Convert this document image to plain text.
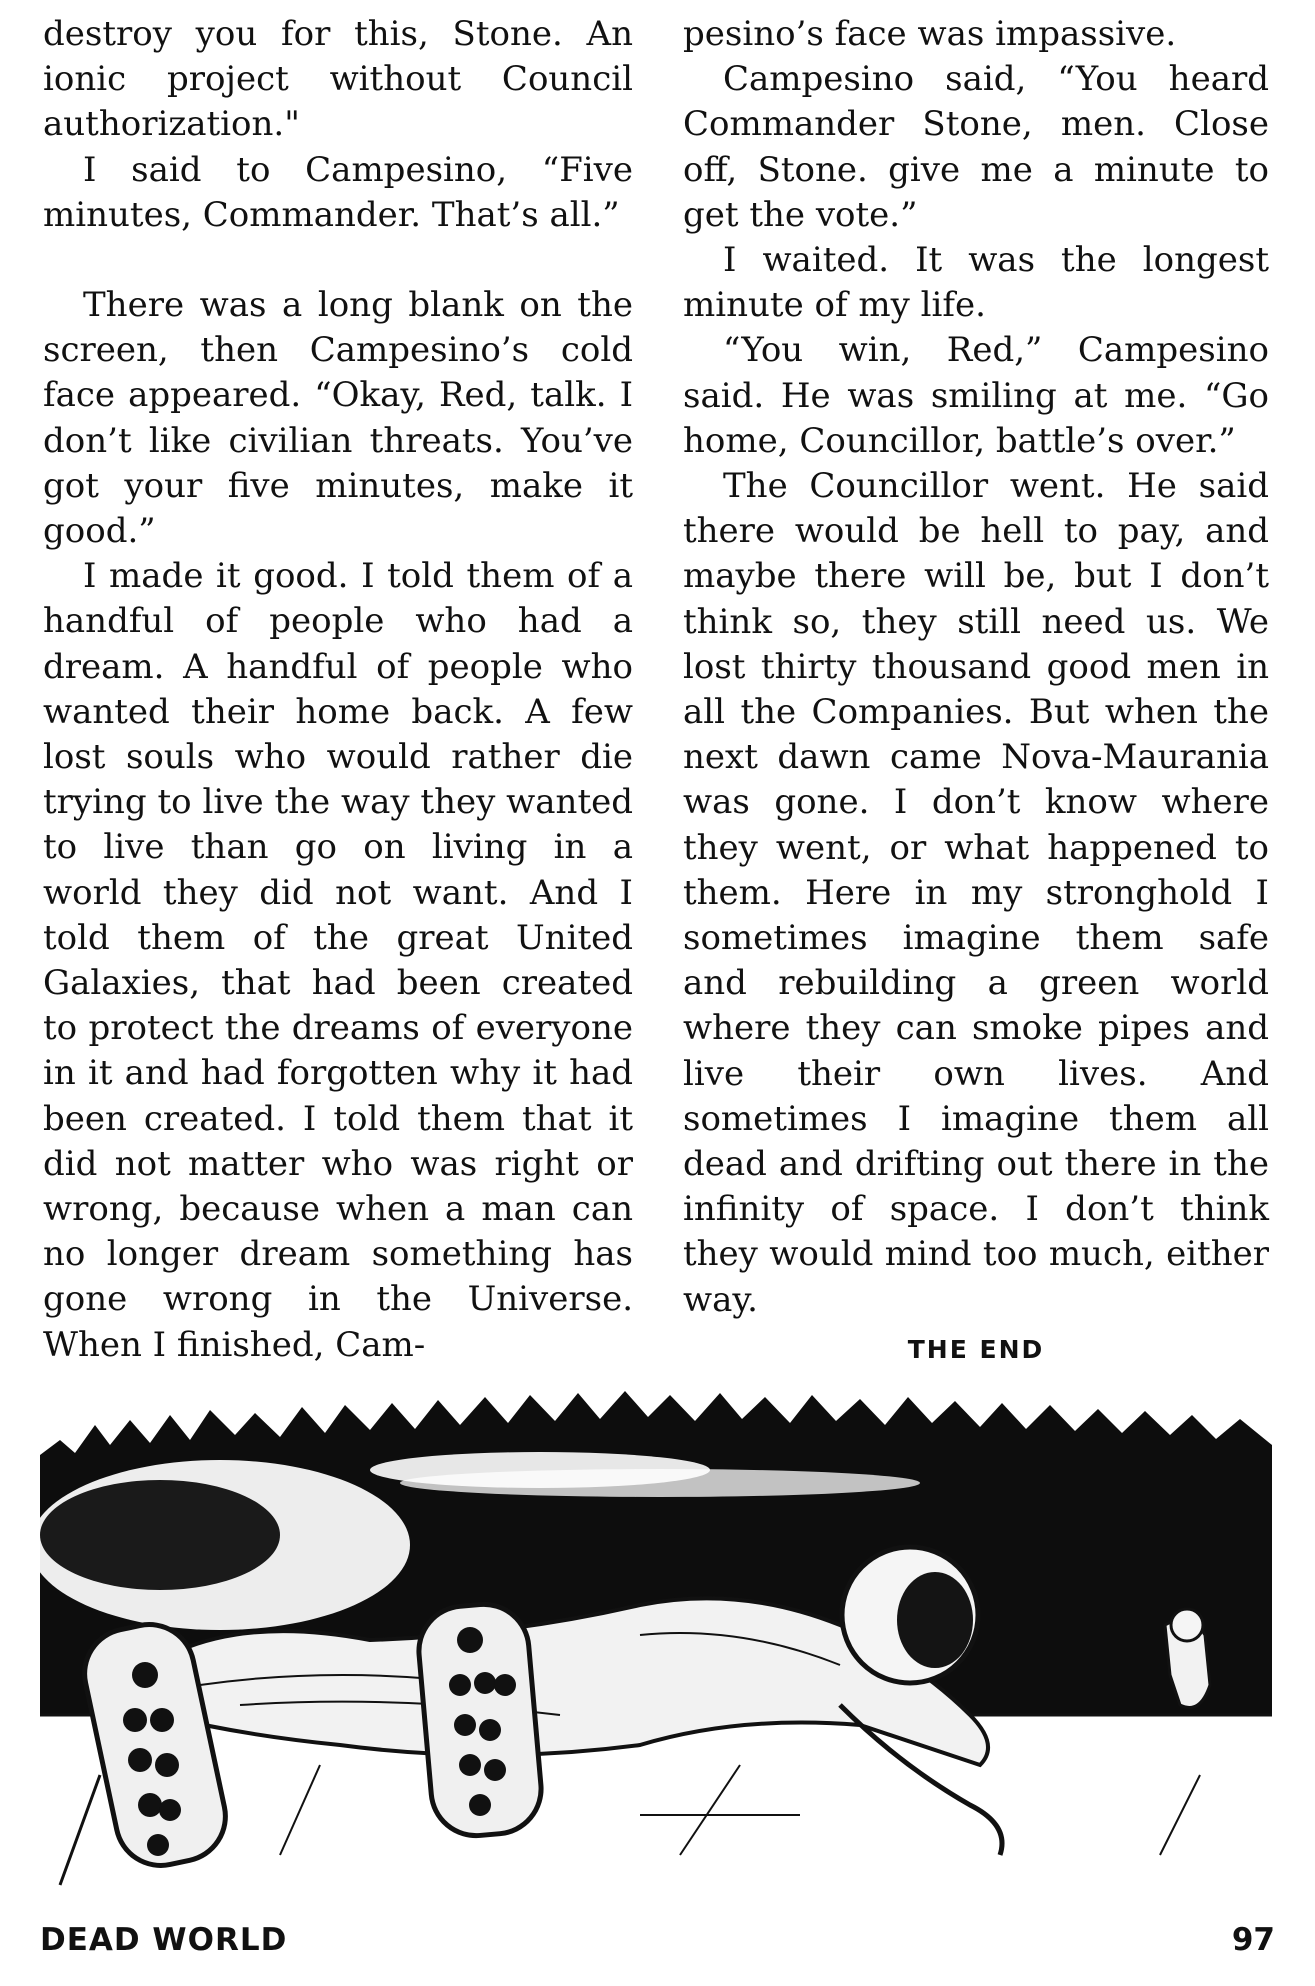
destroy you for this, Stone. An ionic project without Council authorization."

I said to Campesino, “Five minutes, Commander. That’s all.”

There was a long blank on the screen, then Campesino’s cold face appeared. “Okay, Red, talk. I don’t like civilian threats. You’ve got your five minutes, make it good.”

I made it good. I told them of a handful of people who had a dream. A handful of people who wanted their home back. A few lost souls who would rather die trying to live the way they wanted to live than go on living in a world they did not want. And I told them of the great United Galaxies, that had been created to protect the dreams of everyone in it and had forgotten why it had been created. I told them that it did not matter who was right or wrong, because when a man can no longer dream something has gone wrong in the Universe. When I finished, Cam-

pesino’s face was impassive.

Campesino said, “You heard Commander Stone, men. Close off, Stone. give me a minute to get the vote.”

I waited. It was the longest minute of my life.

“You win, Red,” Campesino said. He was smiling at me. “Go home, Councillor, battle’s over.”

The Councillor went. He said there would be hell to pay, and maybe there will be, but I don’t think so, they still need us. We lost thirty thousand good men in all the Companies. But when the next dawn came Nova-Maurania was gone. I don’t know where they went, or what happened to them. Here in my stronghold I sometimes imagine them safe and rebuilding a green world where they can smoke pipes and live their own lives. And sometimes I imagine them all dead and drifting out there in the infinity of space. I don’t think they would mind too much, either way.

THE END
DEAD WORLD	97
